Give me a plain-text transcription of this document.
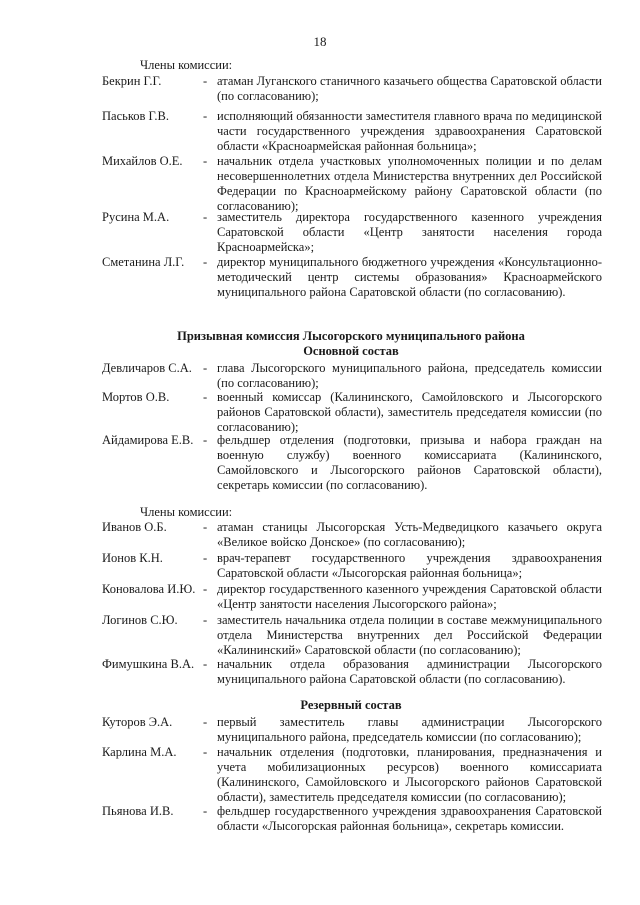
18
Члены комиссии:
Бекрин Г.Г.	- атаман Луганского станичного казачьего общества Саратовской области (по согласованию);
Паськов Г.В.	- исполняющий обязанности заместителя главного врача по медицинской части государственного учреждения здравоохранения Саратовской области «Красноармейская районная больница»;
Михайлов О.Е. - начальник отдела участковых уполномоченных полиции и по делам несовершеннолетних отдела Министерства внутренних дел Российской Федерации по Красноармейскому району Саратовской области (по согласованию);
Русина М.А.	- заместитель директора государственного казенного учреждения Саратовской области «Центр занятости населения города Красноармейска»;
Сметанина Л.Г. - директор муниципального бюджетного учреждения «Консультационно-методический центр системы образования» Красноармейского муниципального района Саратовской области (по согласованию).
Призывная комиссия Лысогорского муниципального района
Основной состав
Девличаров С.А. - глава Лысогорского муниципального района, председатель комиссии (по согласованию);
Мортов О.В.	- военный комиссар (Калининского, Самойловского и Лысогорского районов Саратовской области), заместитель председателя комиссии (по согласованию);
Айдамирова Е.В. - фельдшер отделения (подготовки, призыва и набора граждан на военную службу) военного комиссариата (Калининского, Самойловского и Лысогорского районов Саратовской области), секретарь комиссии (по согласованию).
Члены комиссии:
Иванов О.Б.	- атаман станицы Лысогорская Усть-Медведицкого казачьего округа «Великое войско Донское» (по согласованию);
Ионов К.Н.	- врач-терапевт государственного учреждения здравоохранения Саратовской области «Лысогорская районная больница»;
Коновалова И.Ю. - директор государственного казенного учреждения Саратовской области «Центр занятости населения Лысогорского района»;
Логинов С.Ю. - заместитель начальника отдела полиции в составе межмуниципального отдела Министерства внутренних дел Российской Федерации «Калининский» Саратовской области (по согласованию);
Фимушкина В.А. - начальник отдела образования администрации Лысогорского муниципального района Саратовской области (по согласованию).
Резервный состав
Куторов Э.А. - первый заместитель главы администрации Лысогорского муниципального района, председатель комиссии (по согласованию);
Карлина М.А. - начальник отделения (подготовки, планирования, предназначения и учета мобилизационных ресурсов) военного комиссариата (Калининского, Самойловского и Лысогорского районов Саратовской области), заместитель председателя комиссии (по согласованию);
Пьянова И.В. - фельдшер государственного учреждения здравоохранения Саратовской области «Лысогорская районная больница», секретарь комиссии.
